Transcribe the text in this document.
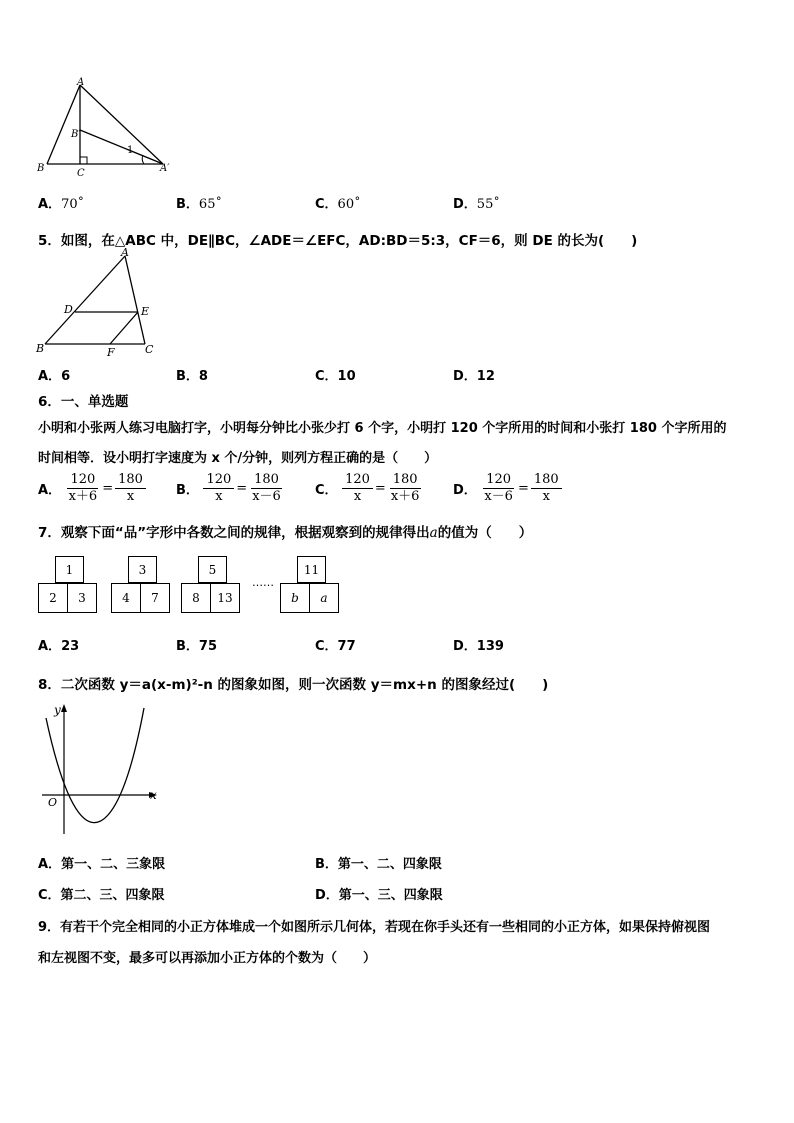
A
B	C
B′
A′
1
A．70˚	B．65˚	C．60˚	D．55˚
5．如图，在△ABC 中，DE∥BC，∠ADE＝∠EFC，AD:BD＝5:3，CF＝6，则 DE 的长为(　　)
A
B	C
D	E
F
A．6	B．8	C．10	D．12
6．一、单选题
小明和小张两人练习电脑打字，小明每分钟比小张少打 6 个字，小明打 120 个字所用的时间和小张打 180 个字所用的
时间相等．设小明打字速度为 x 个/分钟，则列方程正确的是（　　）
A． $\frac{120}{x+6} = \frac{180}{x}$ B． $\frac{120}{x} = \frac{180}{x-6}$ C． $\frac{120}{x} = \frac{180}{x+6}$ D． $\frac{120}{x-6} = \frac{180}{x}$
7．观察下面“品”字形中各数之间的规律，根据观察到的规律得出a的值为（　　）
1
2	3
3
4	7
5
8	13
……
11
b	a
A．23	B．75	C．77	D．139
8．二次函数 y＝a(x-m)²-n 的图象如图，则一次函数 y＝mx+n 的图象经过(　　)
y
x
O
A．第一、二、三象限	B．第一、二、四象限
C．第二、三、四象限	D．第一、三、四象限
9．有若干个完全相同的小正方体堆成一个如图所示几何体，若现在你手头还有一些相同的小正方体，如果保持俯视图
和左视图不变，最多可以再添加小正方体的个数为（　　）
